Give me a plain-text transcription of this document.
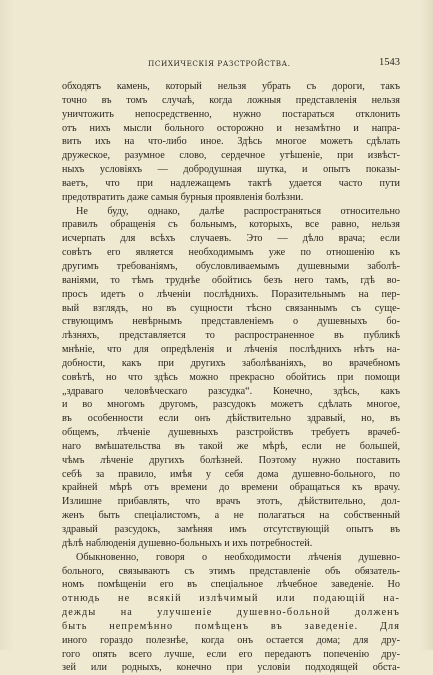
ПСИХИЧЕСКІЯ РАЗСТРОЙСТВА.	1543
обходятъ камень, который нельзя убрать съ дороги, такъ
точно въ томъ случаѣ, когда ложныя представленія нельзя
уничтожить непосредственно, нужно постараться отклонить
отъ нихъ мысли больного осторожно и незамѣтно и напра-
вить ихъ на что-либо иное. Здѣсь многое можетъ сдѣлать
дружеское, разумное слово, сердечное утѣшеніе, при извѣст-
ныхъ условіяхъ — добродушная шутка, и опытъ показы-
ваетъ, что при надлежащемъ тактѣ удается часто пути
предотвратить даже самыя бурныя проявленія болѣзни.
Не буду, однако, далѣе распространяться относительно
правилъ обращенія съ больнымъ, которыхъ, все равно, нельзя
исчерпать для всѣхъ случаевъ. Это — дѣло врача; если
совѣтъ его является необходимымъ уже по отношенію къ
другимъ требованіямъ, обусловливаемымъ душевными заболѣ-
ваніями, то тѣмъ труднѣе обойтись безъ него тамъ, гдѣ во-
просъ идетъ о лѣченіи послѣднихъ. Поразительнымъ на пер-
вый взглядъ, но въ сущности тѣсно связаннымъ съ суще-
ствующимъ невѣрнымъ представленіемъ о душевныхъ бо-
лѣзняхъ, представляется то распространенное въ публикѣ
мнѣніе, что для опредѣленія и лѣченія послѣднихъ нѣтъ на-
добности, какъ при другихъ заболѣваніяхъ, во врачебномъ
совѣтѣ, но что здѣсь можно прекрасно обойтись при помощи
„здраваго человѣческаго разсудка“. Конечно, здѣсь, какъ
и во многомъ другомъ, разсудокъ можетъ сдѣлать многое,
въ особенности если онъ дѣйствительно здравый, но, въ
общемъ, лѣченіе душевныхъ разстройствъ требуетъ врачеб-
наго вмѣшательства въ такой же мѣрѣ, если не большей,
чѣмъ лѣченіе другихъ болѣзней. Поэтому нужно поставить
себѣ за правило, имѣя у себя дома душевно-больного, по
крайней мѣрѣ отъ времени до времени обращаться къ врачу.
Излишне прибавлять, что врачъ этотъ, дѣйствительно, дол-
женъ быть спеціалистомъ, а не полагаться на собственный
здравый разсудокъ, замѣняя имъ отсутствующій опытъ въ
дѣлѣ наблюденія душевно-больныхъ и ихъ потребностей.
Обыкновенно, говоря о необходимости лѣченія душевно-
больного, связываютъ съ этимъ представленіе объ обязатель-
номъ помѣщеніи его въ спеціальное лѣчебное заведеніе. Но
отнюдь не всякій излѣчимый или подающій на-
дежды на улучшеніе душевно-больной долженъ
быть непремѣнно помѣщенъ въ заведеніе. Для
иного гораздо полезнѣе, когда онъ остается дома; для дру-
гого опять всего лучше, если его передаютъ попеченію дру-
зей или родныхъ, конечно при условіи подходящей обста-
